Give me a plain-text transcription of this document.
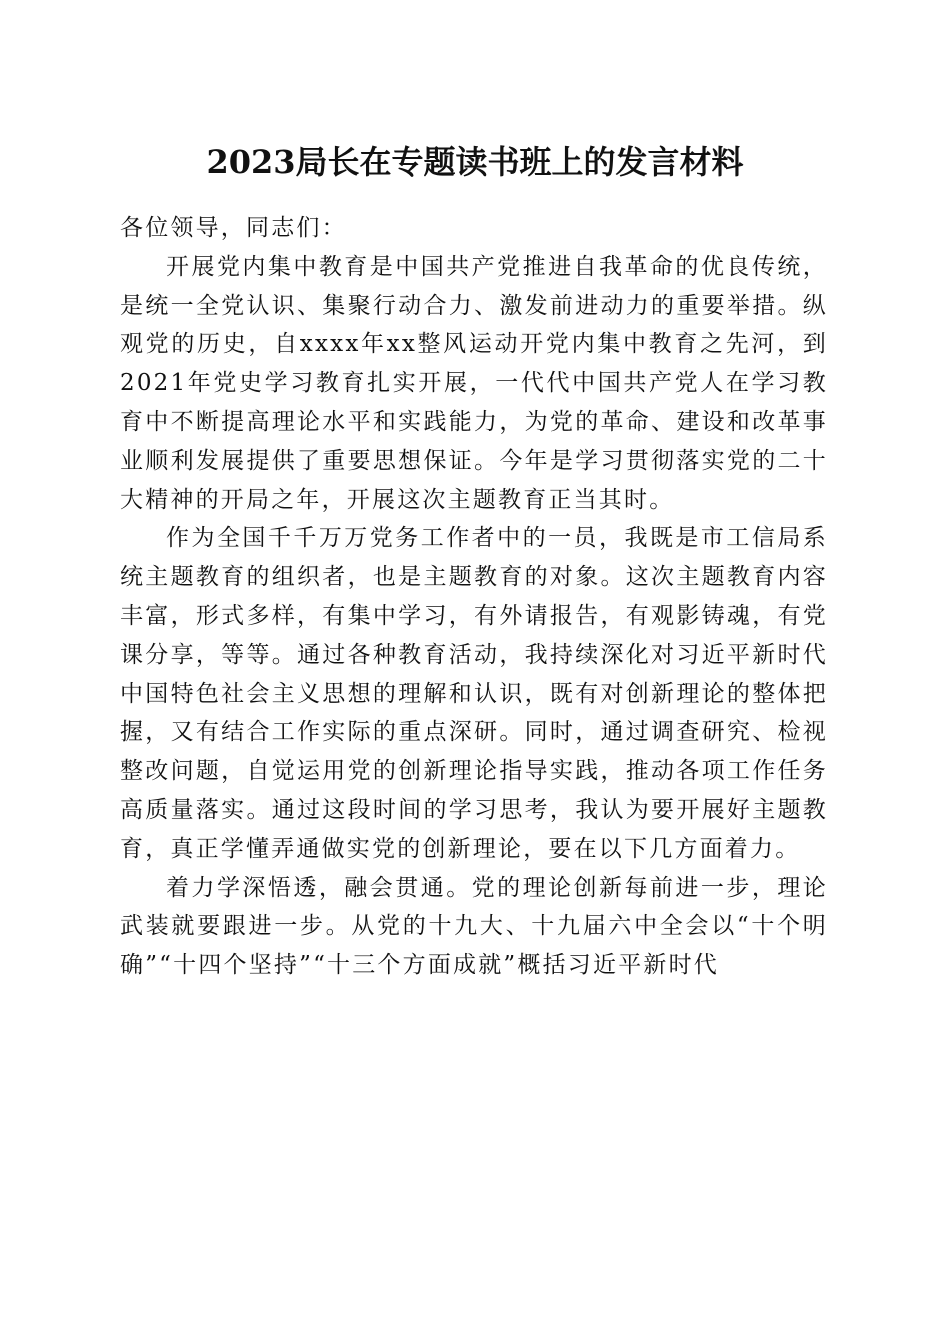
2023局长在专题读书班上的发言材料

各位领导，同志们：

开展党内集中教育是中国共产党推进自我革命的优良传统，是统一全党认识、集聚行动合力、激发前进动力的重要举措。纵观党的历史，自xxxx年xx整风运动开党内集中教育之先河，到2021年党史学习教育扎实开展，一代代中国共产党人在学习教育中不断提高理论水平和实践能力，为党的革命、建设和改革事业顺利发展提供了重要思想保证。今年是学习贯彻落实党的二十大精神的开局之年，开展这次主题教育正当其时。

作为全国千千万万党务工作者中的一员，我既是市工信局系统主题教育的组织者，也是主题教育的对象。这次主题教育内容丰富，形式多样，有集中学习，有外请报告，有观影铸魂，有党课分享，等等。通过各种教育活动，我持续深化对习近平新时代中国特色社会主义思想的理解和认识，既有对创新理论的整体把握，又有结合工作实际的重点深研。同时，通过调查研究、检视整改问题，自觉运用党的创新理论指导实践，推动各项工作任务高质量落实。通过这段时间的学习思考，我认为要开展好主题教育，真正学懂弄通做实党的创新理论，要在以下几方面着力。

着力学深悟透，融会贯通。党的理论创新每前进一步，理论武装就要跟进一步。从党的十九大、十九届六中全会以“十个明确”“十四个坚持”“十三个方面成就”概括习近平新时代
